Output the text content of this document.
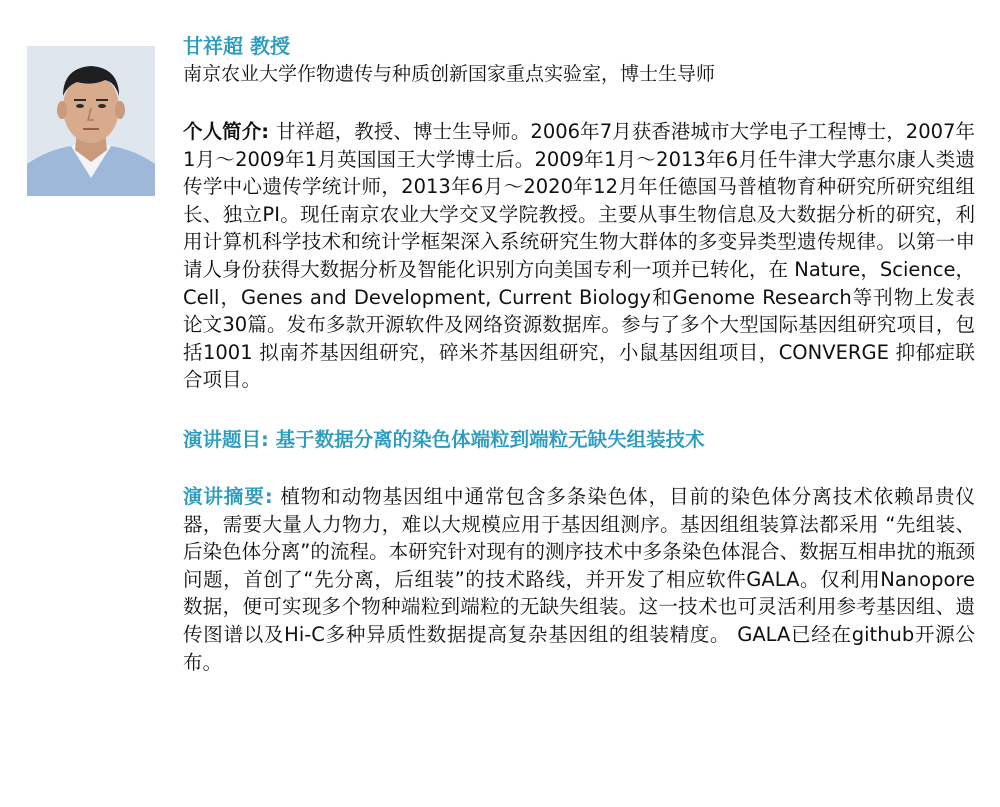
甘祥超 教授

南京农业大学作物遗传与种质创新国家重点实验室，博士生导师

个人简介: 甘祥超，教授、博士生导师。2006年7月获香港城市大学电子工程博士，2007年1月～2009年1月英国国王大学博士后。2009年1月～2013年6月任牛津大学惠尔康人类遗传学中心遗传学统计师，2013年6月～2020年12月年任德国马普植物育种研究所研究组组长、独立PI。现任南京农业大学交叉学院教授。主要从事生物信息及大数据分析的研究，利用计算机科学技术和统计学框架深入系统研究生物大群体的多变异类型遗传规律。以第一申请人身份获得大数据分析及智能化识别方向美国专利一项并已转化，在 Nature，Science，Cell，Genes and Development, Current Biology和Genome Research等刊物上发表论文30篇。发布多款开源软件及网络资源数据库。参与了多个大型国际基因组研究项目，包括1001 拟南芥基因组研究，碎米芥基因组研究，小鼠基因组项目，CONVERGE 抑郁症联合项目。

演讲题目: 基于数据分离的染色体端粒到端粒无缺失组装技术

演讲摘要: 植物和动物基因组中通常包含多条染色体，目前的染色体分离技术依赖昂贵仪器，需要大量人力物力，难以大规模应用于基因组测序。基因组组装算法都采用 “先组装、后染色体分离”的流程。本研究针对现有的测序技术中多条染色体混合、数据互相串扰的瓶颈问题，首创了“先分离，后组装”的技术路线，并开发了相应软件GALA。仅利用Nanopore数据，便可实现多个物种端粒到端粒的无缺失组装。这一技术也可灵活利用参考基因组、遗传图谱以及Hi-C多种异质性数据提高复杂基因组的组装精度。 GALA已经在github开源公布。
